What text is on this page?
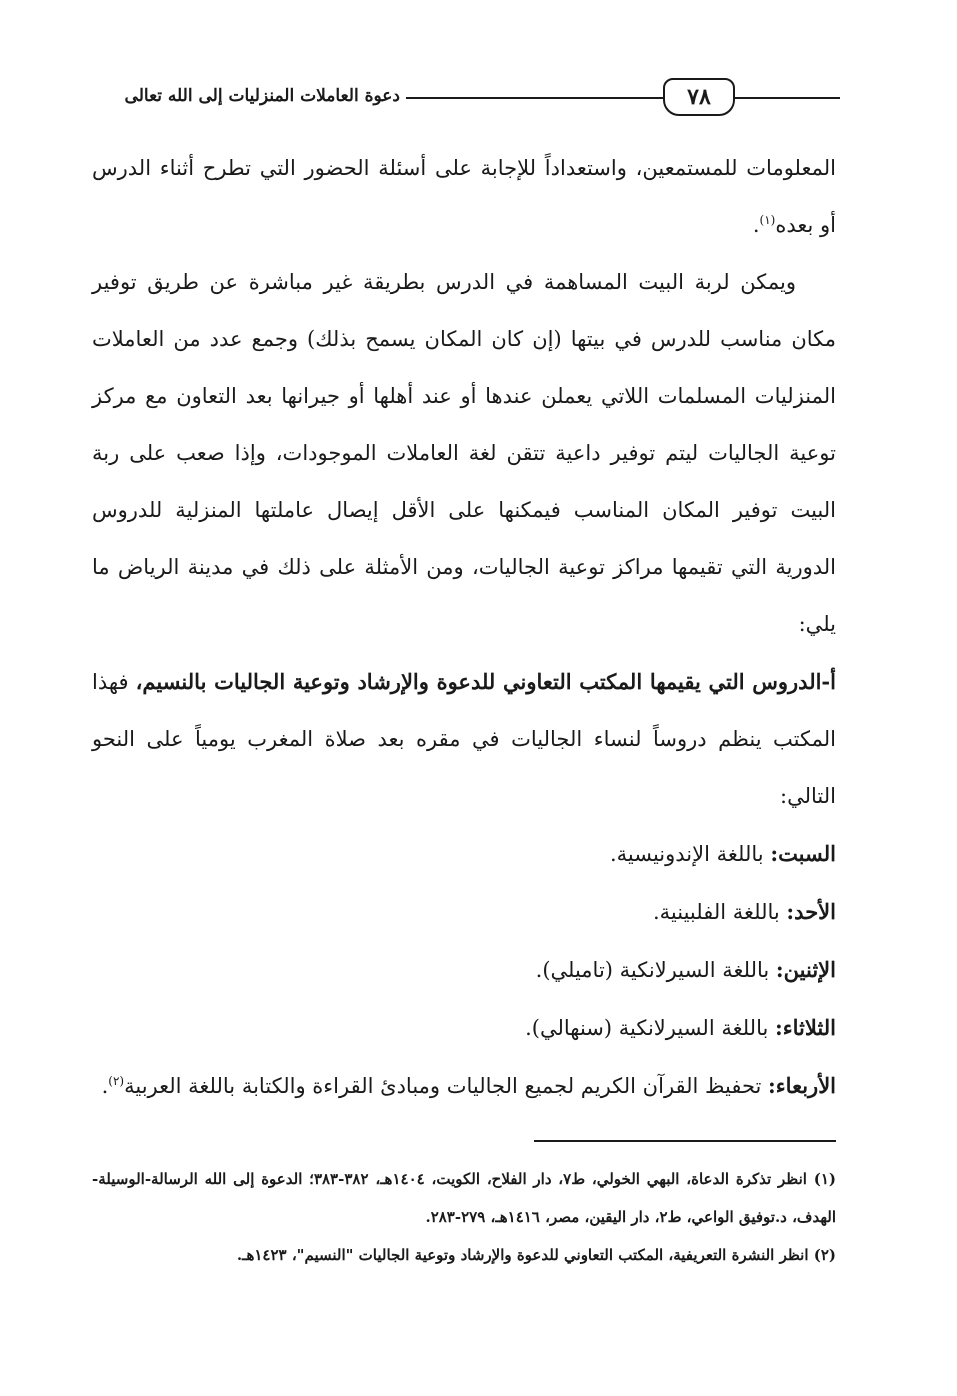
دعوة العاملات المنزليات إلى الله تعالى	٧٨

المعلومات للمستمعين، واستعداداً للإجابة على أسئلة الحضور التي تطرح أثناء الدرس أو بعده$^{(١)}$.

ويمكن لربة البيت المساهمة في الدرس بطريقة غير مباشرة عن طريق توفير مكان مناسب للدرس في بيتها (إن كان المكان يسمح بذلك) وجمع عدد من العاملات المنزليات المسلمات اللاتي يعملن عندها أو عند أهلها أو جيرانها بعد التعاون مع مركز توعية الجاليات ليتم توفير داعية تتقن لغة العاملات الموجودات، وإذا صعب على ربة البيت توفير المكان المناسب فيمكنها على الأقل إيصال عاملتها المنزلية للدروس الدورية التي تقيمها مراكز توعية الجاليات، ومن الأمثلة على ذلك في مدينة الرياض ما يلي:

أ-الدروس التي يقيمها المكتب التعاوني للدعوة والإرشاد وتوعية الجاليات بالنسيم، فهذا المكتب ينظم دروساً لنساء الجاليات في مقره بعد صلاة المغرب يومياً على النحو التالي:

السبت: باللغة الإندونيسية.

الأحد: باللغة الفلبينية.

الإثنين: باللغة السيرلانكية (تاميلي).

الثلاثاء: باللغة السيرلانكية (سنهالي).

الأربعاء: تحفيظ القرآن الكريم لجميع الجاليات ومبادئ القراءة والكتابة باللغة العربية$^{(٢)}$.

(١) انظر تذكرة الدعاة، البهي الخولي، ط٧، دار الفلاح، الكويت، ١٤٠٤هـ، ٣٨٢-٣٨٣؛ الدعوة إلى الله الرسالة-الوسيلة-الهدف، د.توفيق الواعي، ط٢، دار اليقين، مصر، ١٤١٦هـ، ٢٧٩-٢٨٣.

(٢) انظر النشرة التعريفية، المكتب التعاوني للدعوة والإرشاد وتوعية الجاليات "النسيم"، ١٤٢٣هـ.
